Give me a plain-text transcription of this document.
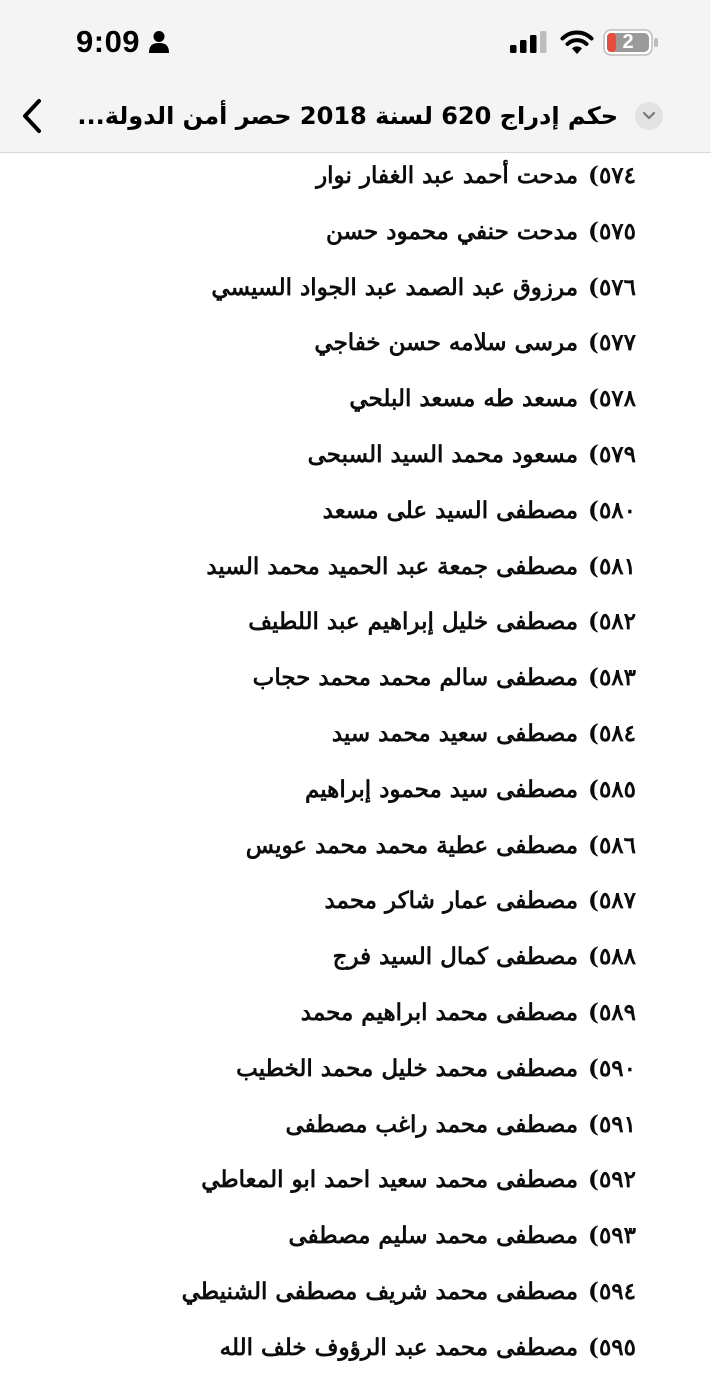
9:09	2
حكم إدراج 620 لسنة 2018 حصر أمن الدولة...
٥٧٤) مدحت أحمد عبد الغفار نوار
٥٧٥) مدحت حنفي محمود حسن
٥٧٦) مرزوق عبد الصمد عبد الجواد السيسي
٥٧٧) مرسى سلامه حسن خفاجي
٥٧٨) مسعد طه مسعد البلحي
٥٧٩) مسعود محمد السيد السبحى
٥٨٠) مصطفى السيد على مسعد
٥٨١) مصطفى جمعة عبد الحميد محمد السيد
٥٨٢) مصطفى خليل إبراهيم عبد اللطيف
٥٨٣) مصطفى سالم محمد محمد حجاب
٥٨٤) مصطفى سعيد محمد سيد
٥٨٥) مصطفى سيد محمود إبراهيم
٥٨٦) مصطفى عطية محمد محمد عويس
٥٨٧) مصطفى عمار شاكر محمد
٥٨٨) مصطفى كمال السيد فرج
٥٨٩) مصطفى محمد ابراهيم محمد
٥٩٠) مصطفى محمد خليل محمد الخطيب
٥٩١) مصطفى محمد راغب مصطفى
٥٩٢) مصطفى محمد سعيد احمد ابو المعاطي
٥٩٣) مصطفى محمد سليم مصطفى
٥٩٤) مصطفى محمد شريف مصطفى الشنيطي
٥٩٥) مصطفى محمد عبد الرؤوف خلف الله
